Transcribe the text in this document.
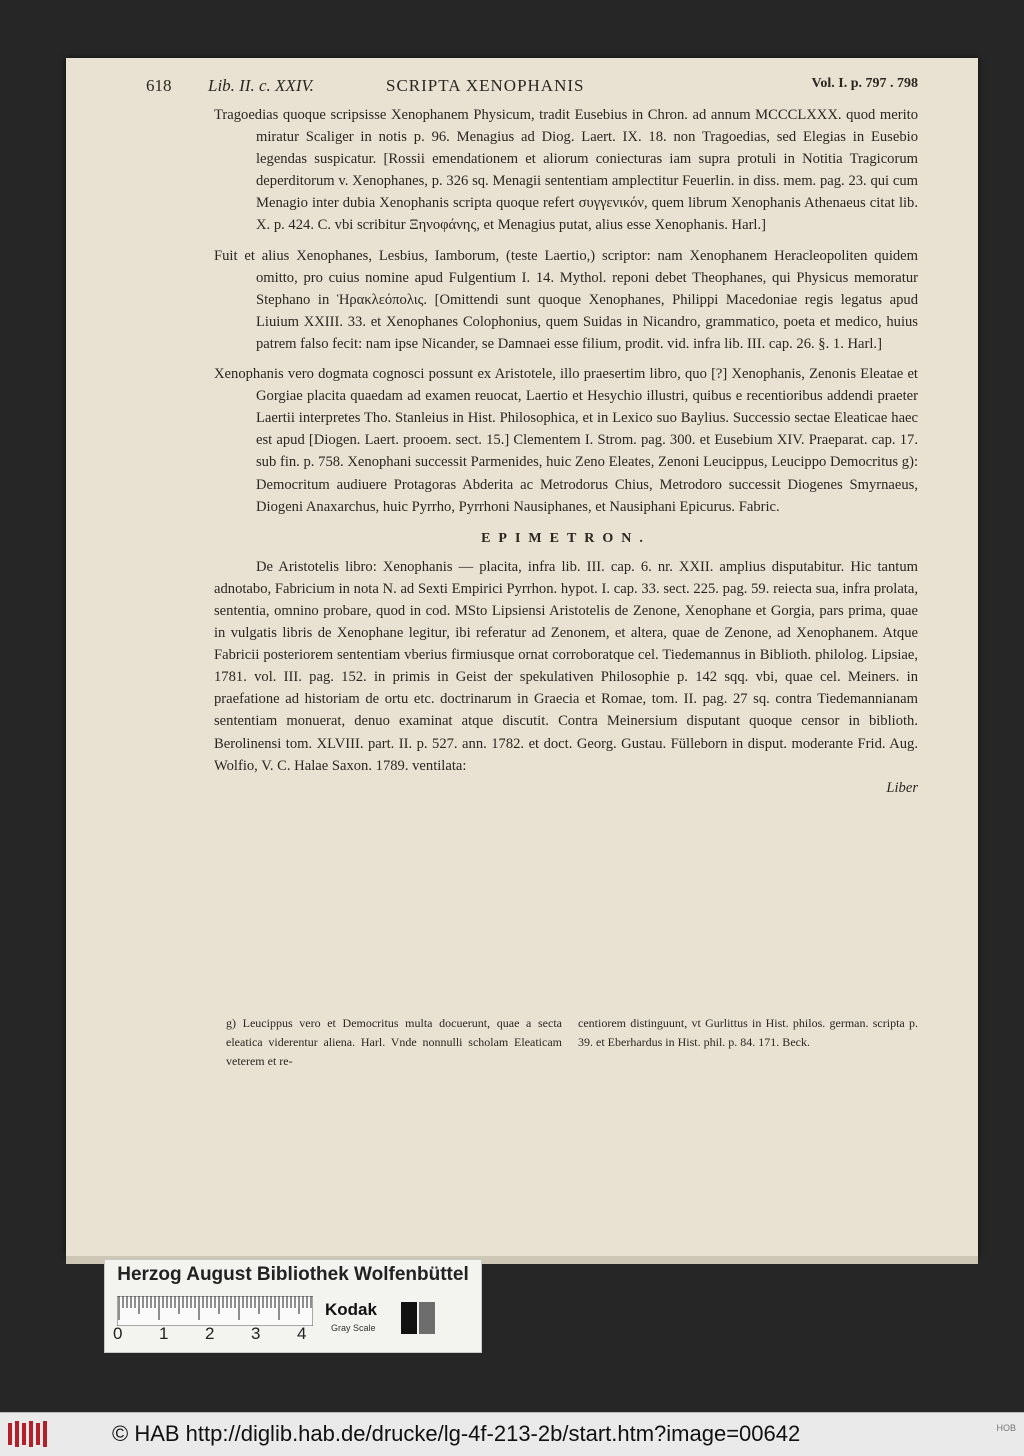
618 Lib. II. c. XXIV.	SCRIPTA XENOPHANIS	Vol. I. p. 797 . 798

Tragoedias quoque scripsisse Xenophanem Physicum, tradit Eusebius in Chron. ad annum MCCCLXXX. quod merito miratur Scaliger in notis p. 96. Menagius ad Diog. Laert. IX. 18. non Tragoedias, sed Elegias in Eusebio legendas suspicatur. [Rossii emendationem et aliorum coniecturas iam supra protuli in Notitia Tragicorum deperditorum v. Xenophanes, p. 326 sq. Menagii sententiam amplectitur Feuerlin. in diss. mem. pag. 23. qui cum Menagio inter dubia Xenophanis scripta quoque refert συγγενικόν, quem librum Xenophanis Athenaeus citat lib. X. p. 424. C. vbi scribitur Ξηνοφάνης, et Menagius putat, alius esse Xenophanis. Harl.]

Fuit et alius Xenophanes, Lesbius, Iamborum, (teste Laertio,) scriptor: nam Xenophanem Heracleopoliten quidem omitto, pro cuius nomine apud Fulgentium I. 14. Mythol. reponi debet Theophanes, qui Physicus memoratur Stephano in Ἡρακλεόπολις. [Omittendi sunt quoque Xenophanes, Philippi Macedoniae regis legatus apud Liuium XXIII. 33. et Xenophanes Colophonius, quem Suidas in Nicandro, grammatico, poeta et medico, huius patrem falso fecit: nam ipse Nicander, se Damnaei esse filium, prodit. vid. infra lib. III. cap. 26. §. 1. Harl.]

Xenophanis vero dogmata cognosci possunt ex Aristotele, illo praesertim libro, quo [?] Xenophanis, Zenonis Eleatae et Gorgiae placita quaedam ad examen reuocat, Laertio et Hesychio illustri, quibus e recentioribus addendi praeter Laertii interpretes Tho. Stanleius in Hist. Philosophica, et in Lexico suo Baylius. Successio sectae Eleaticae haec est apud [Diogen. Laert. prooem. sect. 15.] Clementem I. Strom. pag. 300. et Eusebium XIV. Praeparat. cap. 17. sub fin. p. 758. Xenophani successit Parmenides, huic Zeno Eleates, Zenoni Leucippus, Leucippo Democritus g): Democritum audiuere Protagoras Abderita ac Metrodorus Chius, Metrodoro successit Diogenes Smyrnaeus, Diogeni Anaxarchus, huic Pyrrho, Pyrrhoni Nausiphanes, et Nausiphani Epicurus. Fabric.

EPIMETRON.

De Aristotelis libro: Xenophanis — placita, infra lib. III. cap. 6. nr. XXII. amplius disputabitur. Hic tantum adnotabo, Fabricium in nota N. ad Sexti Empirici Pyrrhon. hypot. I. cap. 33. sect. 225. pag. 59. reiecta sua, infra prolata, sententia, omnino probare, quod in cod. MSto Lipsiensi Aristotelis de Zenone, Xenophane et Gorgia, pars prima, quae in vulgatis libris de Xenophane legitur, ibi referatur ad Zenonem, et altera, quae de Zenone, ad Xenophanem. Atque Fabricii posteriorem sententiam vberius firmiusque ornat corroboratque cel. Tiedemannus in Biblioth. philolog. Lipsiae, 1781. vol. III. pag. 152. in primis in Geist der spekulativen Philosophie p. 142 sqq. vbi, quae cel. Meiners. in praefatione ad historiam de ortu etc. doctrinarum in Graecia et Romae, tom. II. pag. 27 sq. contra Tiedemannianam sententiam monuerat, denuo examinat atque discutit. Contra Meinersium disputant quoque censor in biblioth. Berolinensi tom. XLVIII. part. II. p. 527. ann. 1782. et doct. Georg. Gustau. Fülleborn in disput. moderante Frid. Aug. Wolfio, V. C. Halae Saxon. 1789. ventilata:

Liber

g) Leucippus vero et Democritus multa docuerunt, quae a secta eleatica viderentur aliena. Harl. Vnde nonnulli scholam Eleaticam veterem et re-
centiorem distinguunt, vt Gurlittus in Hist. philos. german. scripta p. 39. et Eberhardus in Hist. phil. p. 84. 171. Beck.
Herzog August Bibliothek Wolfenbüttel
0 1 2 3 4
Kodak
Gray Scale
© HAB http://diglib.hab.de/drucke/lg-4f-213-2b/start.htm?image=00642	HOB
